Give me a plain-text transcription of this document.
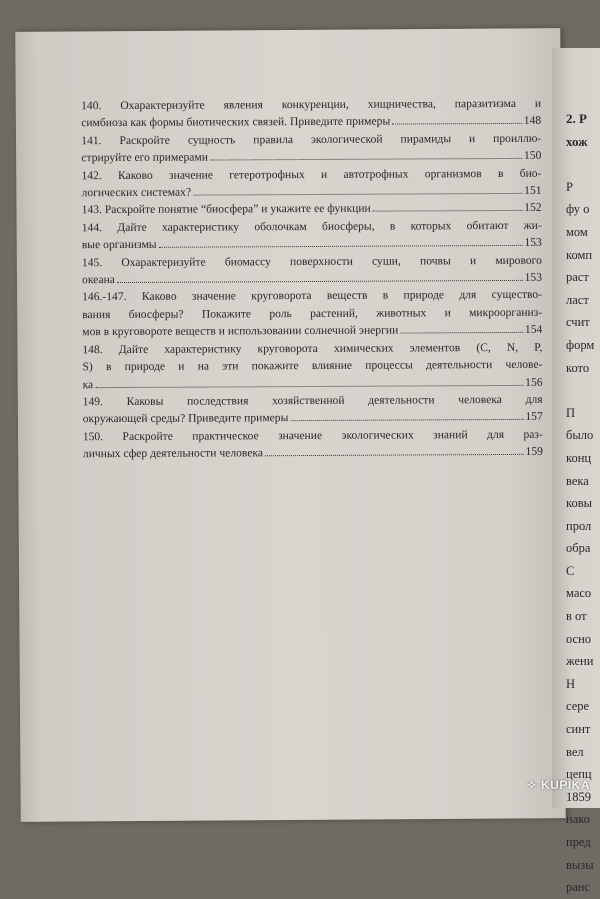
140. Охарактеризуйте явления конкуренции, хищничества, паразитизма и

симбиоза как формы биотических связей. Приведите примеры	148

141. Раскройте сущность правила экологической пирамиды и проиллю-

стрируйте его примерами	150

142. Каково значение гетеротрофных и автотрофных организмов в био-

логических системах?	151
143. Раскройте понятие “биосфера” и укажите ее функции	152

144. Дайте характеристику оболочкам биосферы, в которых обитают жи-

вые организмы	153

145. Охарактеризуйте биомассу поверхности суши, почвы и мирового

океана	153

146.-147. Каково значение круговорота веществ в природе для существо-

вания биосферы? Покажите роль растений, животных и микроорганиз-

мов в круговороте веществ и использовании солнечной энергии	154

148. Дайте характеристику круговорота химических элементов (C, N, P,

S) в природе и на эти покажите влияние процессы деятельности челове-

ка	156

149. Каковы последствия хозяйственной деятельности человека для

окружающей среды? Приведите примеры	157

150. Раскройте практическое значение экологических знаний для раз-

личных сфер деятельности человека	159
2. Р
хож

Р
фу о
мом
комп
раст
ласт
счит
форм
кото

П
было
конц
века
ковы
прол
обра
С
масо
в от
осно
жени
Н
сере
синт
вел
цепц
1859
нако
пред
вызы
ранс
✧ KUPIKA
